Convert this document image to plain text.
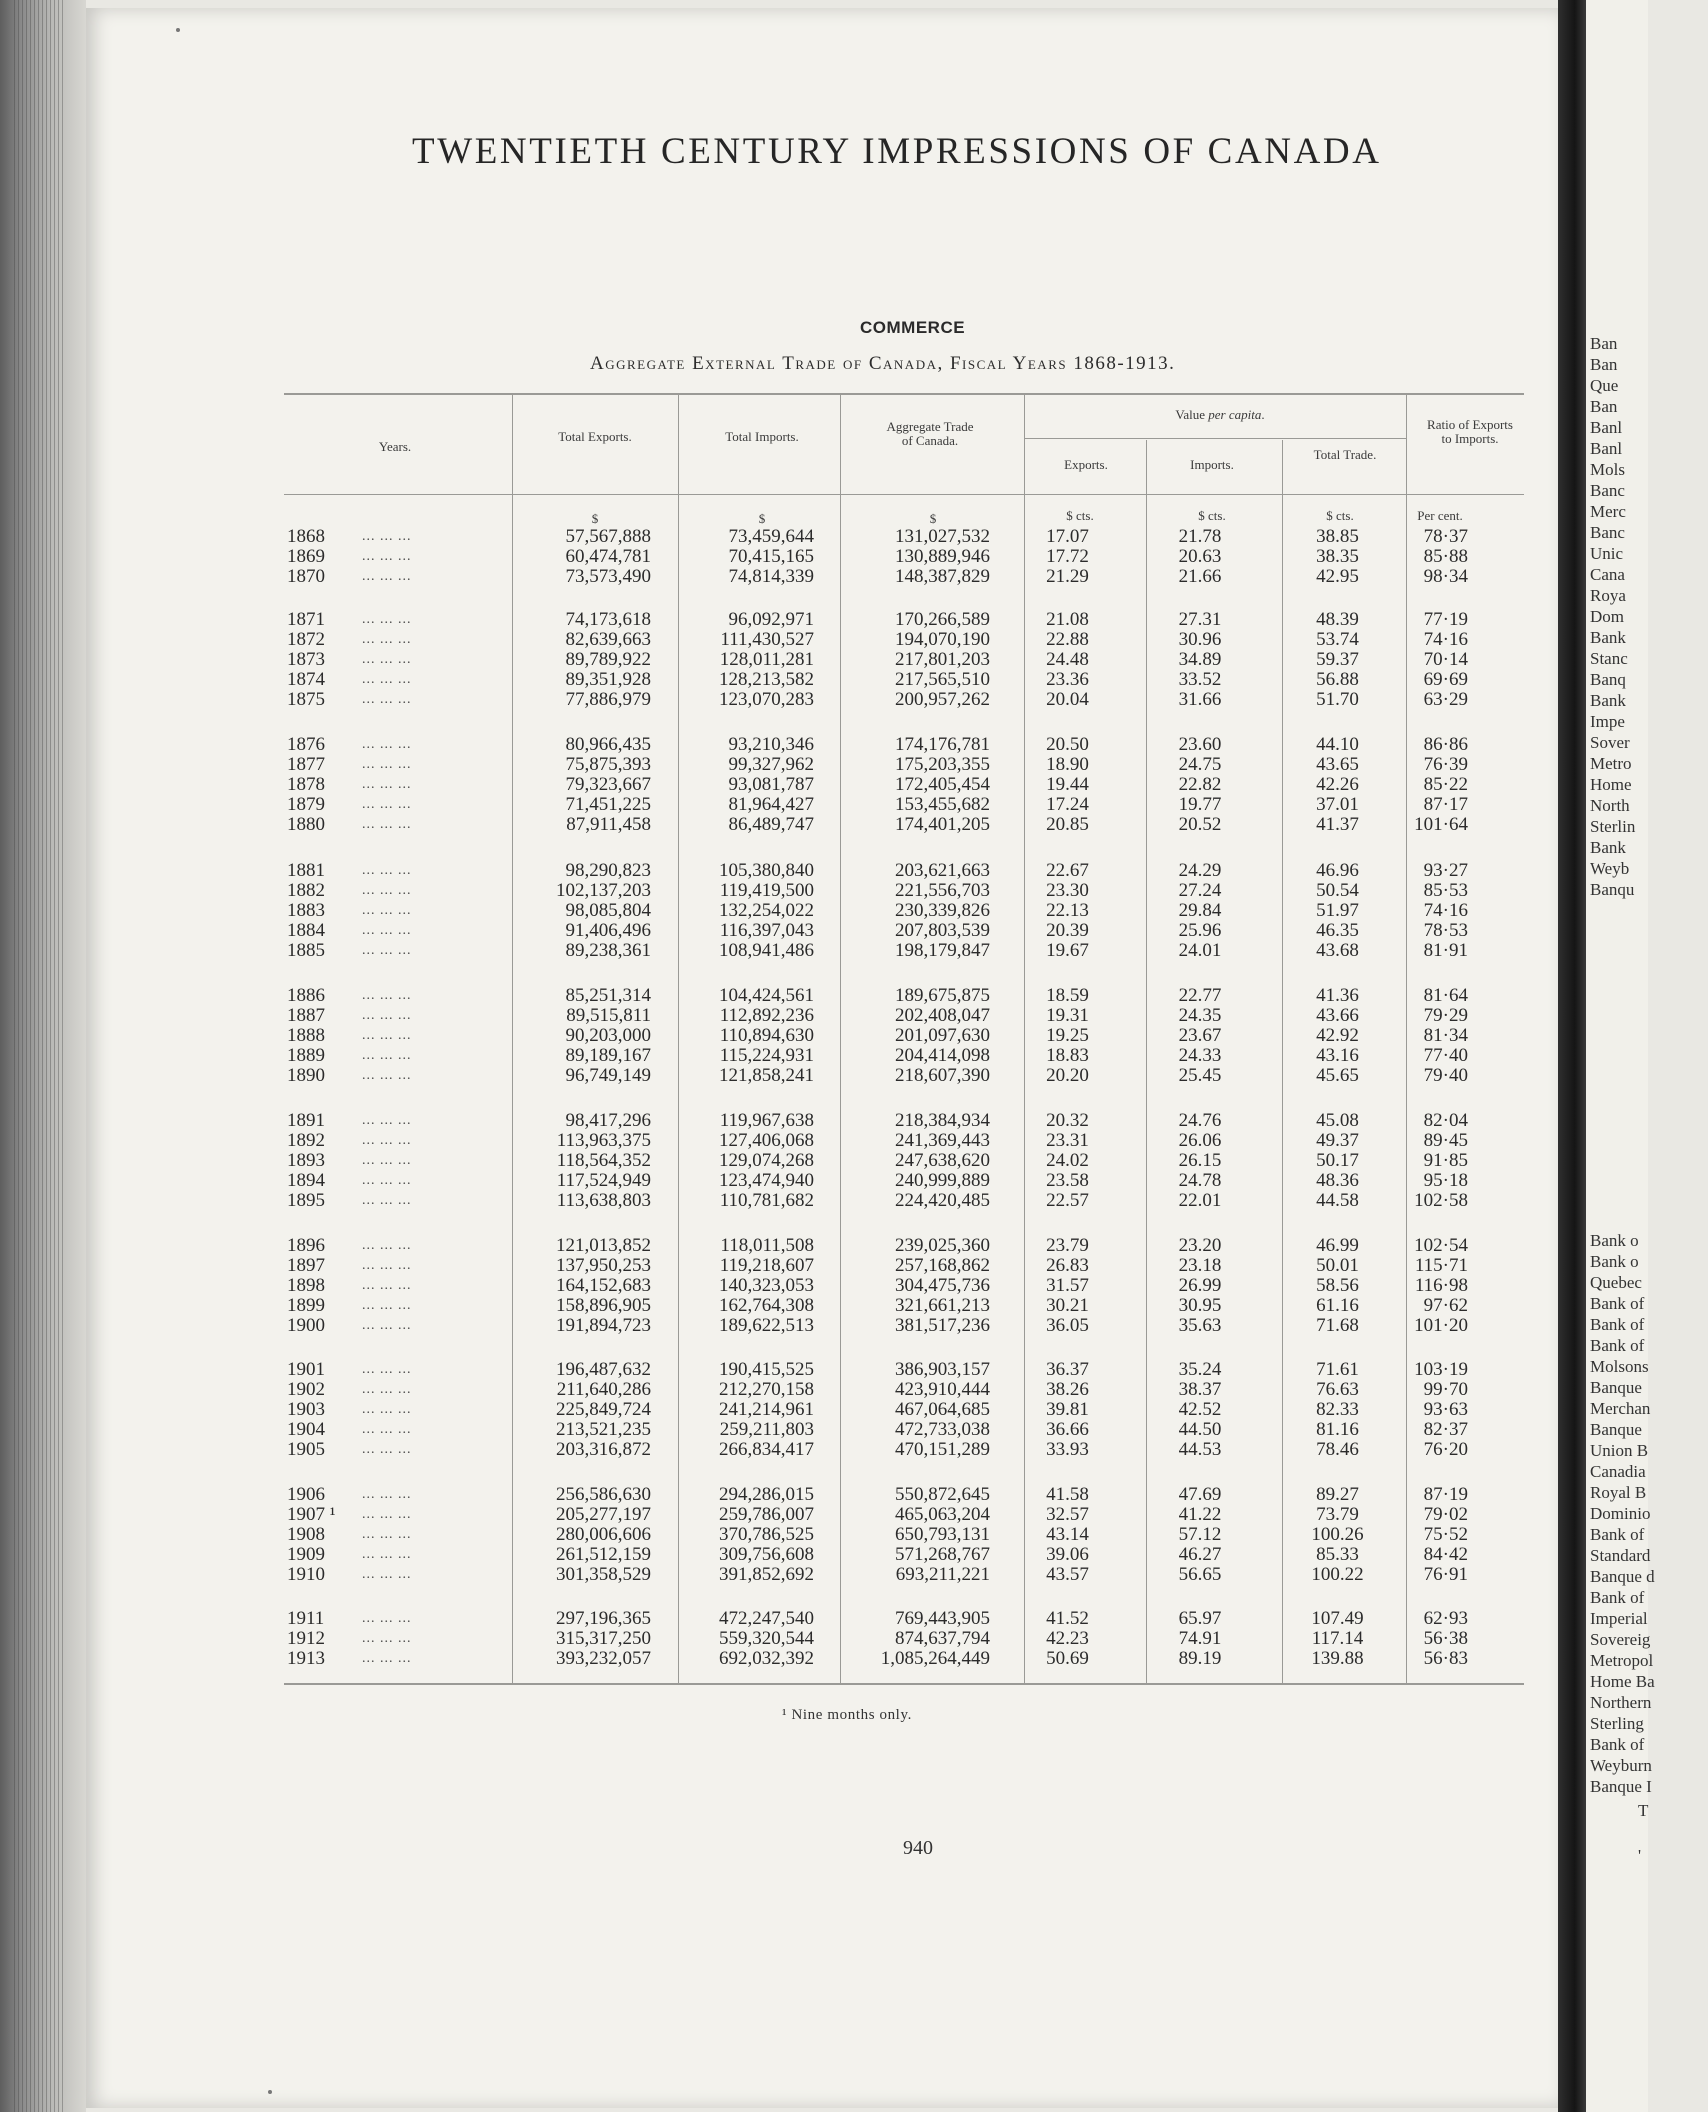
Ban
Ban
Que
Ban
Banl
Banl
Mols
Banc
Merc
Banc
Unic
Cana
Roya
Dom
Bank
Stanc
Banq
Bank
Impe
Sover
Metro
Home
North
Sterlin
Bank
Weyb
Banqu
Bank o
Bank o
Quebec
Bank of
Bank of
Bank of
Molsons
Banque
Merchan
Banque
Union B
Canadia
Royal B
Dominio
Bank of
Standard
Banque d
Bank of
Imperial
Sovereig
Metropol
Home Ba
Northern
Sterling
Bank of
Weyburn
Banque I
T
'
TWENTIETH CENTURY IMPRESSIONS OF CANADA
COMMERCE
Aggregate External Trade of Canada, Fiscal Years 1868-1913.
Years.
Total Exports.	Total Imports.
Aggregate Trade of Canada.
Value per capita.
Exports.	Imports.
Total Trade.
Ratio of Exports to Imports.
$	$	$	$ cts.	$ cts.	$ cts.	Per cent.
1868	57,567,888	73,459,644	131,027,532	17.07	21.78	38.85	78·37
... ... ...
1869	60,474,781	70,415,165	130,889,946	17.72	20.63	38.35	85·88
... ... ...
1870	73,573,490	74,814,339	148,387,829	21.29	21.66	42.95	98·34
... ... ...
1871	74,173,618	96,092,971	170,266,589	21.08	27.31	48.39	77·19
... ... ...
1872	82,639,663	111,430,527	194,070,190	22.88	30.96	53.74	74·16
... ... ...
1873	89,789,922	128,011,281	217,801,203	24.48	34.89	59.37	70·14
... ... ...
1874	89,351,928	128,213,582	217,565,510	23.36	33.52	56.88	69·69
... ... ...
1875	77,886,979	123,070,283	200,957,262	20.04	31.66	51.70	63·29
... ... ...
1876	80,966,435	93,210,346	174,176,781	20.50	23.60	44.10	86·86
... ... ...
1877	75,875,393	99,327,962	175,203,355	18.90	24.75	43.65	76·39
... ... ...
1878	79,323,667	93,081,787	172,405,454	19.44	22.82	42.26	85·22
... ... ...
1879	71,451,225	81,964,427	153,455,682	17.24	19.77	37.01	87·17
... ... ...
1880	87,911,458	86,489,747	174,401,205	20.85	20.52	41.37	101·64
... ... ...
1881	98,290,823	105,380,840	203,621,663	22.67	24.29	46.96	93·27
... ... ...
1882	102,137,203	119,419,500	221,556,703	23.30	27.24	50.54	85·53
... ... ...
1883	98,085,804	132,254,022	230,339,826	22.13	29.84	51.97	74·16
... ... ...
1884	91,406,496	116,397,043	207,803,539	20.39	25.96	46.35	78·53
... ... ...
1885	89,238,361	108,941,486	198,179,847	19.67	24.01	43.68	81·91
... ... ...
1886	85,251,314	104,424,561	189,675,875	18.59	22.77	41.36	81·64
... ... ...
1887	89,515,811	112,892,236	202,408,047	19.31	24.35	43.66	79·29
... ... ...
1888	90,203,000	110,894,630	201,097,630	19.25	23.67	42.92	81·34
... ... ...
1889	89,189,167	115,224,931	204,414,098	18.83	24.33	43.16	77·40
... ... ...
1890	96,749,149	121,858,241	218,607,390	20.20	25.45	45.65	79·40
... ... ...
1891	98,417,296	119,967,638	218,384,934	20.32	24.76	45.08	82·04
... ... ...
1892	113,963,375	127,406,068	241,369,443	23.31	26.06	49.37	89·45
... ... ...
1893	118,564,352	129,074,268	247,638,620	24.02	26.15	50.17	91·85
... ... ...
1894	117,524,949	123,474,940	240,999,889	23.58	24.78	48.36	95·18
... ... ...
1895	113,638,803	110,781,682	224,420,485	22.57	22.01	44.58	102·58
... ... ...
1896	121,013,852	118,011,508	239,025,360	23.79	23.20	46.99	102·54
... ... ...
1897	137,950,253	119,218,607	257,168,862	26.83	23.18	50.01	115·71
... ... ...
1898	164,152,683	140,323,053	304,475,736	31.57	26.99	58.56	116·98
... ... ...
1899	158,896,905	162,764,308	321,661,213	30.21	30.95	61.16	97·62
... ... ...
1900	191,894,723	189,622,513	381,517,236	36.05	35.63	71.68	101·20
... ... ...
1901	196,487,632	190,415,525	386,903,157	36.37	35.24	71.61	103·19
... ... ...
1902	211,640,286	212,270,158	423,910,444	38.26	38.37	76.63	99·70
... ... ...
1903	225,849,724	241,214,961	467,064,685	39.81	42.52	82.33	93·63
... ... ...
1904	213,521,235	259,211,803	472,733,038	36.66	44.50	81.16	82·37
... ... ...
1905	203,316,872	266,834,417	470,151,289	33.93	44.53	78.46	76·20
... ... ...
1906	256,586,630	294,286,015	550,872,645	41.58	47.69	89.27	87·19
... ... ...
1907 ¹	205,277,197	259,786,007	465,063,204	32.57	41.22	73.79	79·02
... ... ...
1908	280,006,606	370,786,525	650,793,131	43.14	57.12	100.26	75·52
... ... ...
1909	261,512,159	309,756,608	571,268,767	39.06	46.27	85.33	84·42
... ... ...
1910	301,358,529	391,852,692	693,211,221	43.57	56.65	100.22	76·91
... ... ...
1911	297,196,365	472,247,540	769,443,905	41.52	65.97	107.49	62·93
... ... ...
1912	315,317,250	559,320,544	874,637,794	42.23	74.91	117.14	56·38
... ... ...
1913	393,232,057	692,032,392	1,085,264,449	50.69	89.19	139.88	56·83
... ... ...
¹ Nine months only.
940
